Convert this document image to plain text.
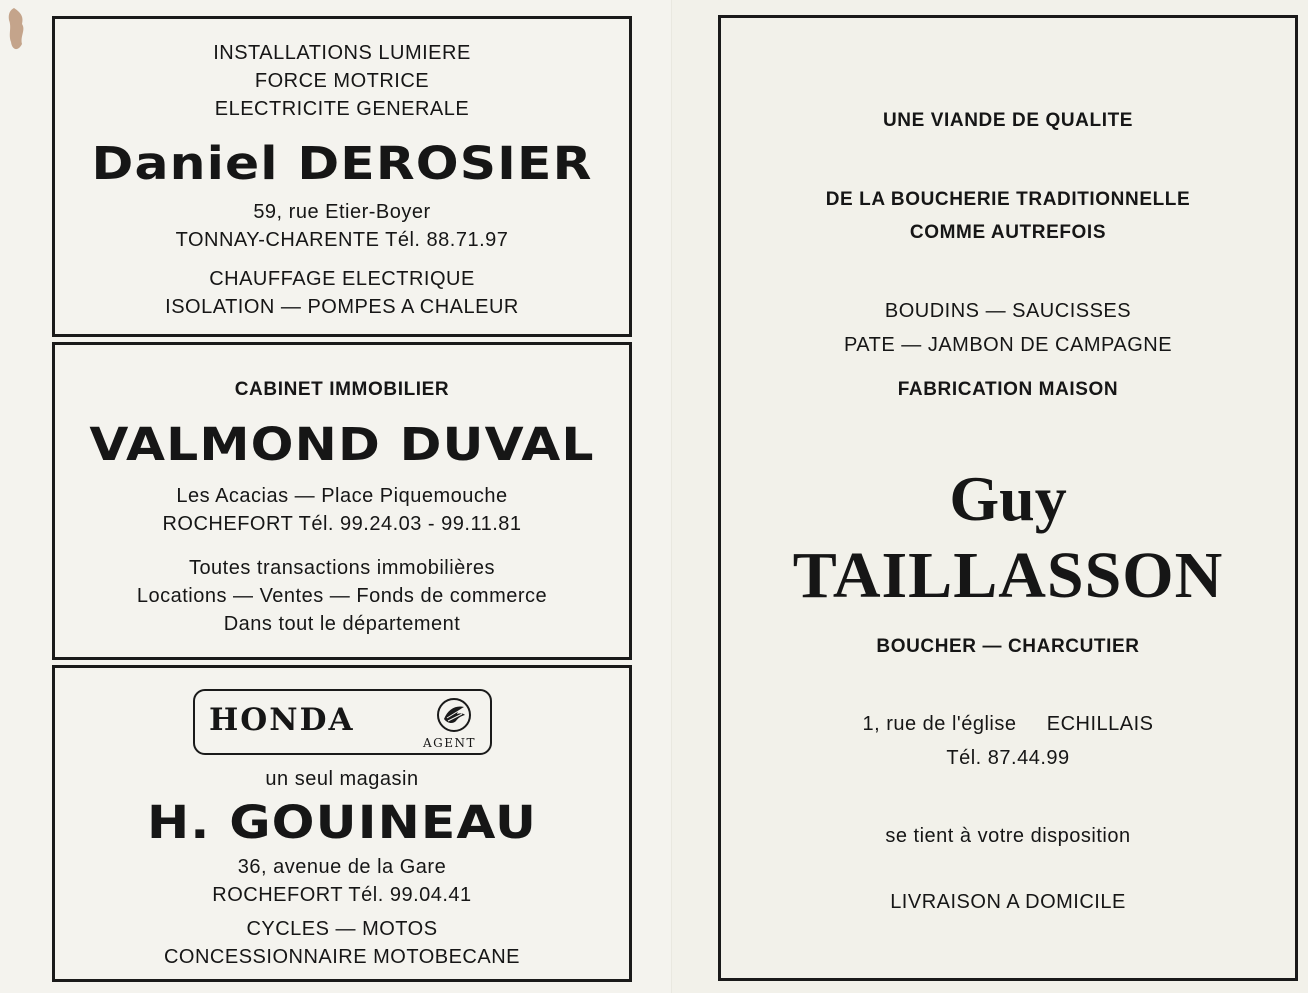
INSTALLATIONS LUMIERE
FORCE MOTRICE
ELECTRICITE GENERALE
Daniel DEROSIER
59, rue Etier-Boyer
TONNAY-CHARENTE Tél. 88.71.97
CHAUFFAGE ELECTRIQUE
ISOLATION — POMPES A CHALEUR
CABINET IMMOBILIER
VALMOND DUVAL
Les Acacias — Place Piquemouche
ROCHEFORT Tél. 99.24.03 - 99.11.81
Toutes transactions immobilières
Locations — Ventes — Fonds de commerce
Dans tout le département
HONDA
AGENT
un seul magasin
H. GOUINEAU
36, avenue de la Gare
ROCHEFORT Tél. 99.04.41
CYCLES — MOTOS
CONCESSIONNAIRE MOTOBECANE
UNE VIANDE DE QUALITE
DE LA BOUCHERIE TRADITIONNELLE
COMME AUTREFOIS
BOUDINS — SAUCISSES
PATE — JAMBON DE CAMPAGNE
FABRICATION MAISON
Guy
TAILLASSON
BOUCHER — CHARCUTIER
1, rue de l'église     ECHILLAIS
Tél. 87.44.99
se tient à votre disposition
LIVRAISON A DOMICILE
